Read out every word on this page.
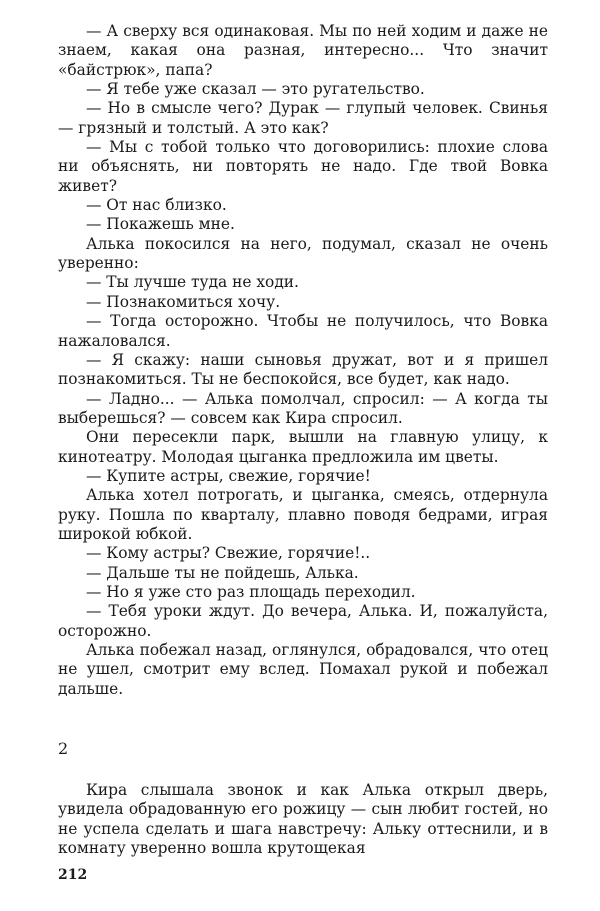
— А сверху вся одинаковая. Мы по ней ходим и даже не знаем, какая она разная, интересно... Что значит «байстрюк», папа?

— Я тебе уже сказал — это ругательство.

— Но в смысле чего? Дурак — глупый человек. Свинья — грязный и толстый. А это как?

— Мы с тобой только что договорились: плохие слова ни объяснять, ни повторять не надо. Где твой Вовка живет?

— От нас близко.

— Покажешь мне.

Алька покосился на него, подумал, сказал не очень уверенно:

— Ты лучше туда не ходи.

— Познакомиться хочу.

— Тогда осторожно. Чтобы не получилось, что Вовка нажаловался.

— Я скажу: наши сыновья дружат, вот и я пришел познакомиться. Ты не беспокойся, все будет, как надо.

— Ладно... — Алька помолчал, спросил: — А когда ты выберешься? — совсем как Кира спросил.

Они пересекли парк, вышли на главную улицу, к кинотеатру. Молодая цыганка предложила им цветы.

— Купите астры, свежие, горячие!

Алька хотел потрогать, и цыганка, смеясь, отдернула руку. Пошла по кварталу, плавно поводя бедрами, играя широкой юбкой.

— Кому астры? Свежие, горячие!..

— Дальше ты не пойдешь, Алька.

— Но я уже сто раз площадь переходил.

— Тебя уроки ждут. До вечера, Алька. И, пожалуйста, осторожно.

Алька побежал назад, оглянулся, обрадовался, что отец не ушел, смотрит ему вслед. Помахал рукой и побежал дальше.

2

Кира слышала звонок и как Алька открыл дверь, увидела обрадованную его рожицу — сын любит гостей, но не успела сделать и шага навстречу: Альку оттеснили, и в комнату уверенно вошла крутощекая

212
